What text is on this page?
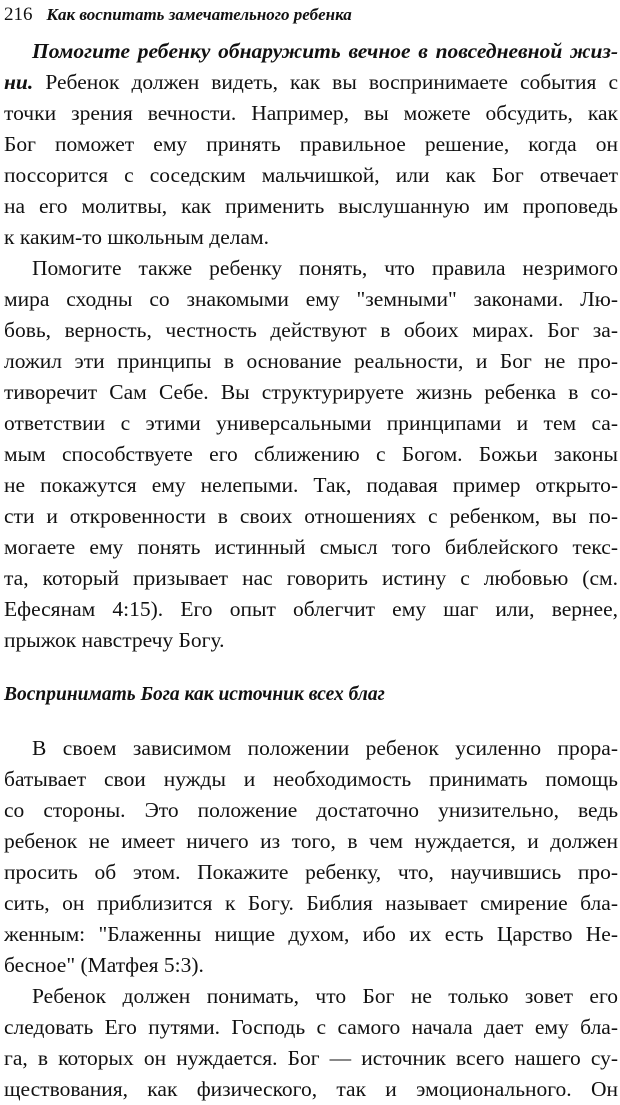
216 Как воспитать замечательного ребенка
Помогите ребенку обнаружить вечное в повседневной жиз-
ни. Ребенок должен видеть, как вы воспринимаете события с
точки зрения вечности. Например, вы можете обсудить, как
Бог поможет ему принять правильное решение, когда он
поссорится с соседским мальчишкой, или как Бог отвечает
на его молитвы, как применить выслушанную им проповедь
к каким-то школьным делам.
Помогите также ребенку понять, что правила незримого
мира сходны со знакомыми ему "земными" законами. Лю-
бовь, верность, честность действуют в обоих мирах. Бог за-
ложил эти принципы в основание реальности, и Бог не про-
тиворечит Сам Себе. Вы структурируете жизнь ребенка в со-
ответствии с этими универсальными принципами и тем са-
мым способствуете его сближению с Богом. Божьи законы
не покажутся ему нелепыми. Так, подавая пример открыто-
сти и откровенности в своих отношениях с ребенком, вы по-
могаете ему понять истинный смысл того библейского текс-
та, который призывает нас говорить истину с любовью (см.
Ефесянам 4:15). Его опыт облегчит ему шаг или, вернее,
прыжок навстречу Богу.
Воспринимать Бога как источник всех благ
В своем зависимом положении ребенок усиленно прора-
батывает свои нужды и необходимость принимать помощь
со стороны. Это положение достаточно унизительно, ведь
ребенок не имеет ничего из того, в чем нуждается, и должен
просить об этом. Покажите ребенку, что, научившись про-
сить, он приблизится к Богу. Библия называет смирение бла-
женным: "Блаженны нищие духом, ибо их есть Царство Не-
бесное" (Матфея 5:3).
Ребенок должен понимать, что Бог не только зовет его
следовать Его путями. Господь с самого начала дает ему бла-
га, в которых он нуждается. Бог — источник всего нашего су-
ществования, как физического, так и эмоционального. Он
